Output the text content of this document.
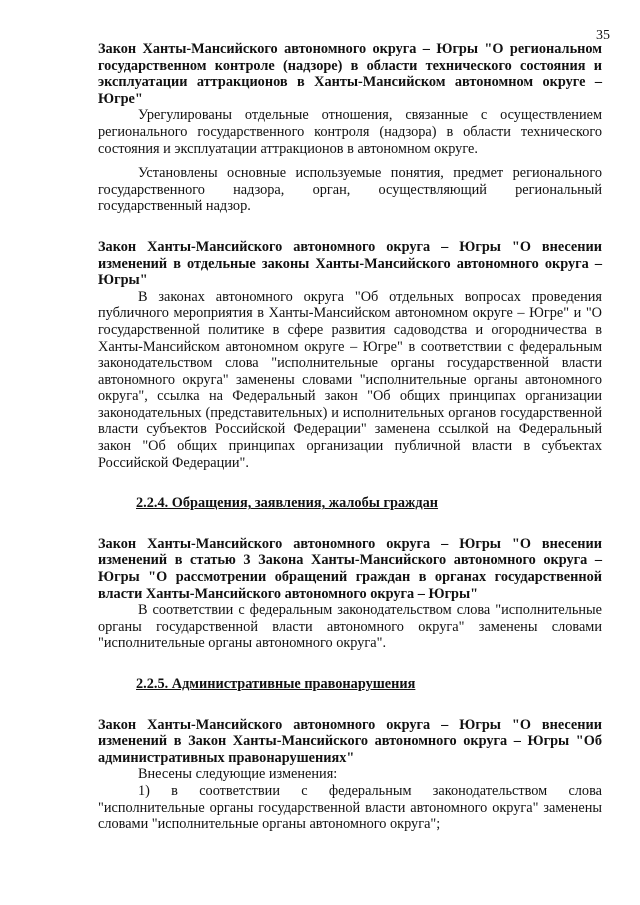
35

Закон Ханты-Мансийского автономного округа – Югры "О региональном государственном контроле (надзоре) в области технического состояния и эксплуатации аттракционов в Ханты-Мансийском автономном округе – Югре"

Урегулированы отдельные отношения, связанные с осуществлением регионального государственного контроля (надзора) в области технического состояния и эксплуатации аттракционов в автономном округе.

Установлены основные используемые понятия, предмет регионального государственного надзора, орган, осуществляющий региональный государственный надзор.

Закон Ханты-Мансийского автономного округа – Югры "О внесении изменений в отдельные законы Ханты-Мансийского автономного округа – Югры"

В законах автономного округа "Об отдельных вопросах проведения публичного мероприятия в Ханты-Мансийском автономном округе – Югре" и "О государственной политике в сфере развития садоводства и огородничества в Ханты-Мансийском автономном округе – Югре" в соответствии с федеральным законодательством слова "исполнительные органы государственной власти автономного округа" заменены словами "исполнительные органы автономного округа", ссылка на Федеральный закон "Об общих принципах организации законодательных (представительных) и исполнительных органов государственной власти субъектов Российской Федерации" заменена ссылкой на Федеральный закон "Об общих принципах организации публичной власти в субъектах Российской Федерации".

2.2.4. Обращения, заявления, жалобы граждан

Закон Ханты-Мансийского автономного округа – Югры "О внесении изменений в статью 3 Закона Ханты-Мансийского автономного округа – Югры "О рассмотрении обращений граждан в органах государственной власти Ханты-Мансийского автономного округа – Югры"

В соответствии с федеральным законодательством слова "исполнительные органы государственной власти автономного округа" заменены словами "исполнительные органы автономного округа".

2.2.5. Административные правонарушения

Закон Ханты-Мансийского автономного округа – Югры "О внесении изменений в Закон Ханты-Мансийского автономного округа – Югры "Об административных правонарушениях"

Внесены следующие изменения:

1) в соответствии с федеральным законодательством слова "исполнительные органы государственной власти автономного округа" заменены словами "исполнительные органы автономного округа";
